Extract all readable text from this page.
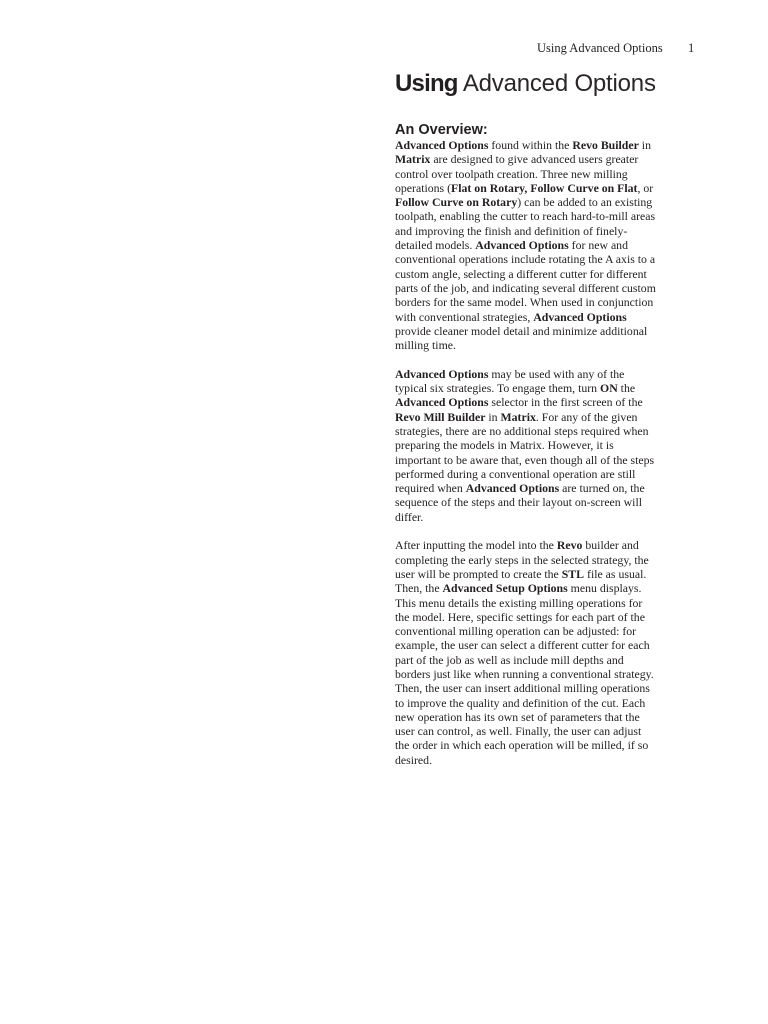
Using Advanced Options 1
Using Advanced Options
An Overview:

Advanced Options found within the Revo Builder in Matrix are designed to give advanced users greater control over toolpath creation. Three new milling operations (Flat on Rotary, Follow Curve on Flat, or Follow Curve on Rotary) can be added to an existing toolpath, enabling the cutter to reach hard-to-mill areas and improving the finish and definition of finely-detailed models. Advanced Options for new and conventional operations include rotating the A axis to a custom angle, selecting a different cutter for different parts of the job, and indicating several different custom borders for the same model. When used in conjunction with conventional strategies, Advanced Options provide cleaner model detail and minimize additional milling time.

Advanced Options may be used with any of the typical six strategies. To engage them, turn ON the Advanced Options selector in the first screen of the Revo Mill Builder in Matrix. For any of the given strategies, there are no additional steps required when preparing the models in Matrix. However, it is important to be aware that, even though all of the steps performed during a conventional operation are still required when Advanced Options are turned on, the sequence of the steps and their layout on-screen will differ.

After inputting the model into the Revo builder and completing the early steps in the selected strategy, the user will be prompted to create the STL file as usual. Then, the Advanced Setup Options menu displays. This menu details the existing milling operations for the model. Here, specific settings for each part of the conventional milling operation can be adjusted: for example, the user can select a different cutter for each part of the job as well as include mill depths and borders just like when running a conventional strategy. Then, the user can insert additional milling operations to improve the quality and definition of the cut. Each new operation has its own set of parameters that the user can control, as well. Finally, the user can adjust the order in which each operation will be milled, if so desired.
